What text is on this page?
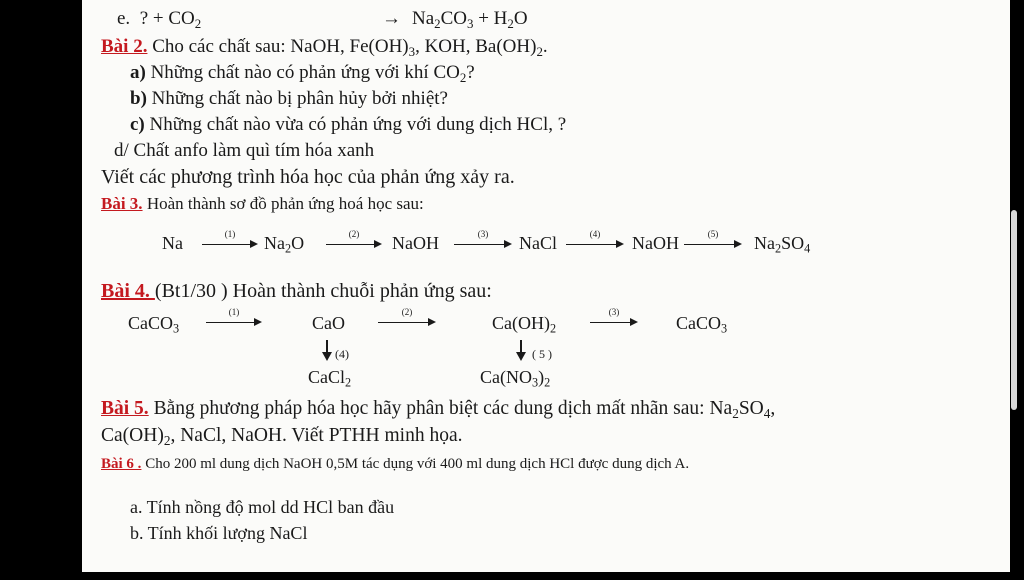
e. ? + $CO_2$	→ $Na_2CO_3 + H_2O$
Bài 2. Cho các chất sau: NaOH, $Fe(OH)_3$, KOH, $Ba(OH)_2$.
a) Những chất nào có phản ứng với khí $CO_2$?
b) Những chất nào bị phân hủy bởi nhiệt?
c) Những chất nào vừa có phản ứng với dung dịch HCl, ?
d/ Chất anfo làm quì tím hóa xanh
Viết các phương trình hóa học của phản ứng xảy ra.
Bài 3. Hoàn thành sơ đồ phản ứng hoá học sau:
Na	(1) $Na_2O$	(2) NaOH	(3) NaCl	(4) NaOH	(5) $Na_2SO_4$
Bài 4. (Bt1/30 ) Hoàn thành chuỗi phản ứng sau:
CaCO$_3$
(1)
CaO
(2)
$Ca(OH)_2$
(3)
CaCO$_3$
(4)	( 5 )
CaCl$_2$	$Ca(NO_3)_2$
Bài 5. Bằng phương pháp hóa học hãy phân biệt các dung dịch mất nhãn sau: $Na_2SO_4$,
$Ca(OH)_2$, NaCl, NaOH. Viết PTHH minh họa.
Bài 6 . Cho 200 ml dung dịch NaOH 0,5M tác dụng với 400 ml dung dịch HCl được dung dịch A.
a. Tính nồng độ mol dd HCl ban đầu
b. Tính khối lượng NaCl
